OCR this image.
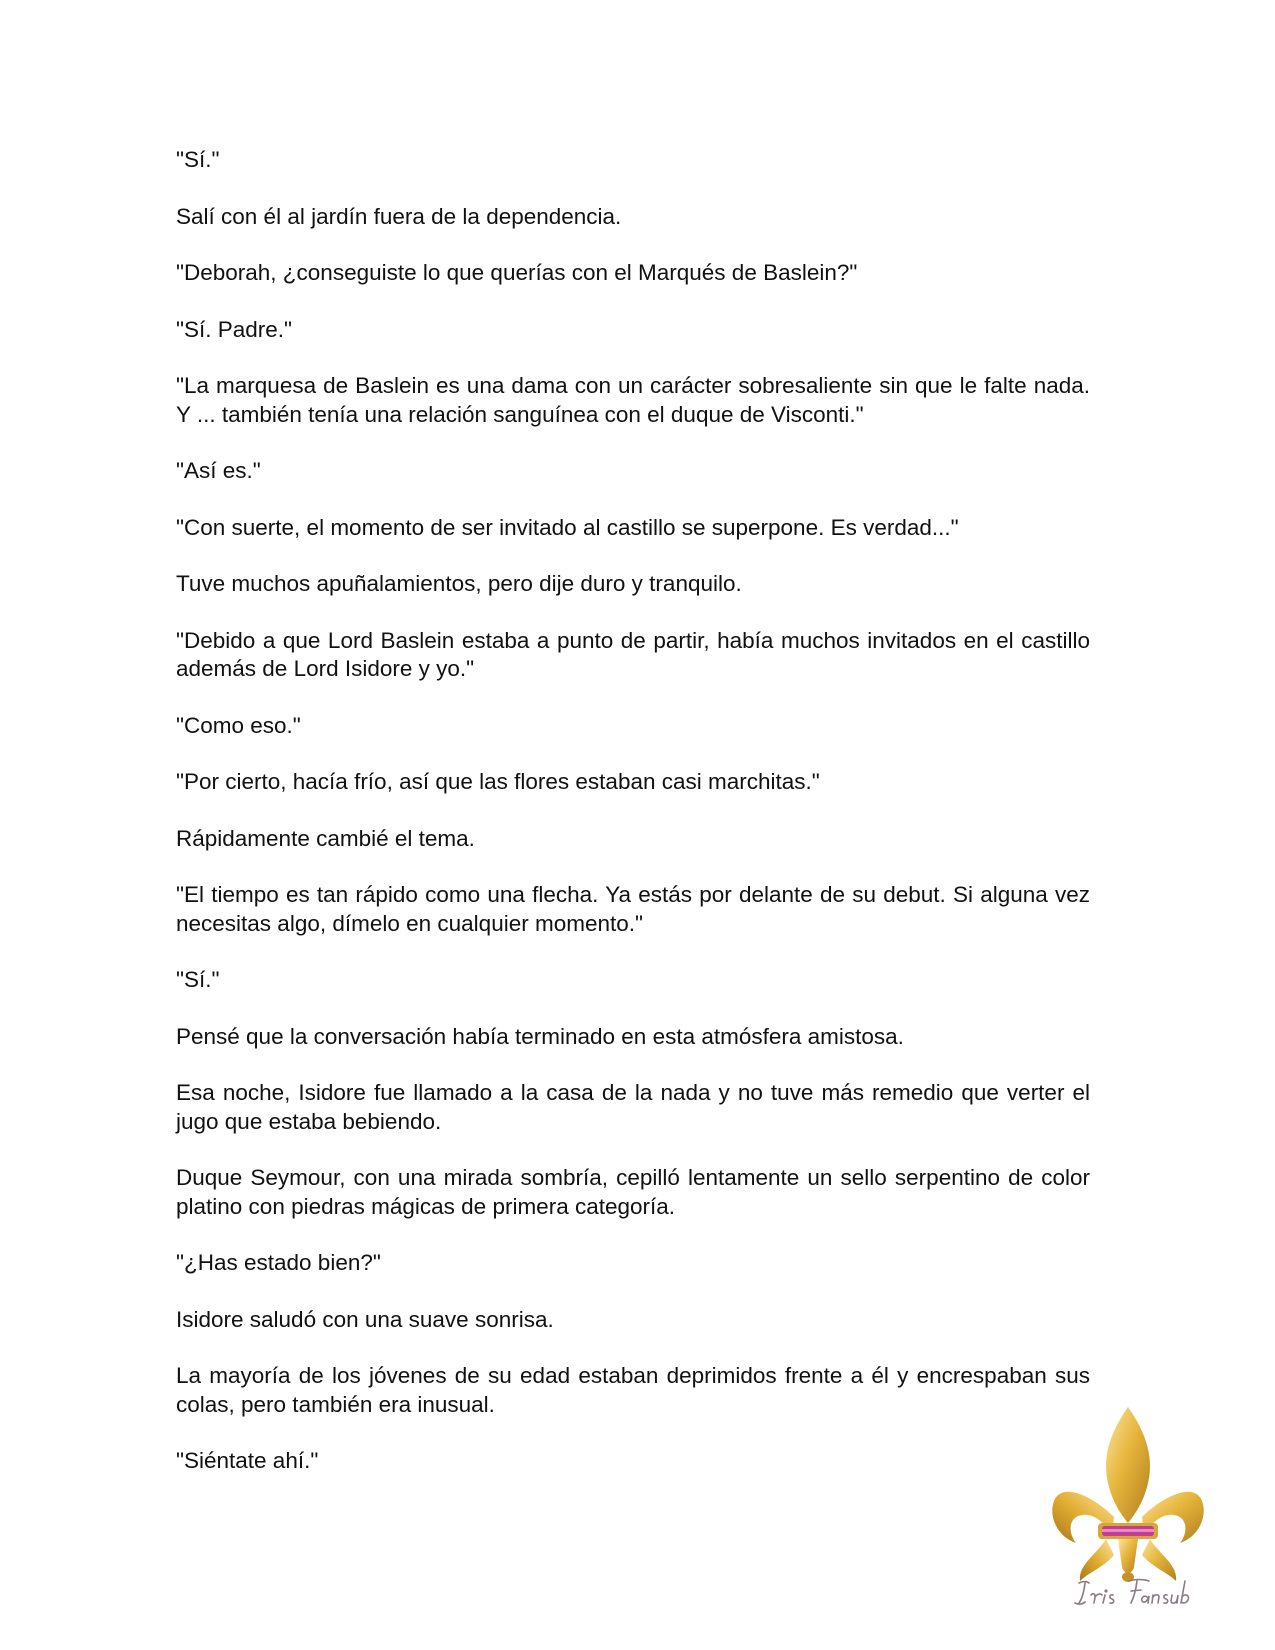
"Sí."

Salí con él al jardín fuera de la dependencia.

"Deborah, ¿conseguiste lo que querías con el Marqués de Baslein?"

"Sí. Padre."

"La marquesa de Baslein es una dama con un carácter sobresaliente sin que le falte nada. Y ... también tenía una relación sanguínea con el duque de Visconti."

"Así es."

"Con suerte, el momento de ser invitado al castillo se superpone. Es verdad..."

Tuve muchos apuñalamientos, pero dije duro y tranquilo.

"Debido a que Lord Baslein estaba a punto de partir, había muchos invitados en el castillo además de Lord Isidore y yo."

"Como eso."

"Por cierto, hacía frío, así que las flores estaban casi marchitas."

Rápidamente cambié el tema.

"El tiempo es tan rápido como una flecha. Ya estás por delante de su debut. Si alguna vez necesitas algo, dímelo en cualquier momento."

"Sí."

Pensé que la conversación había terminado en esta atmósfera amistosa.

Esa noche, Isidore fue llamado a la casa de la nada y no tuve más remedio que verter el jugo que estaba bebiendo.

Duque Seymour, con una mirada sombría, cepilló lentamente un sello serpentino de color platino con piedras mágicas de primera categoría.

"¿Has estado bien?"

Isidore saludó con una suave sonrisa.

La mayoría de los jóvenes de su edad estaban deprimidos frente a él y encrespaban sus colas, pero también era inusual.

"Siéntate ahí."
